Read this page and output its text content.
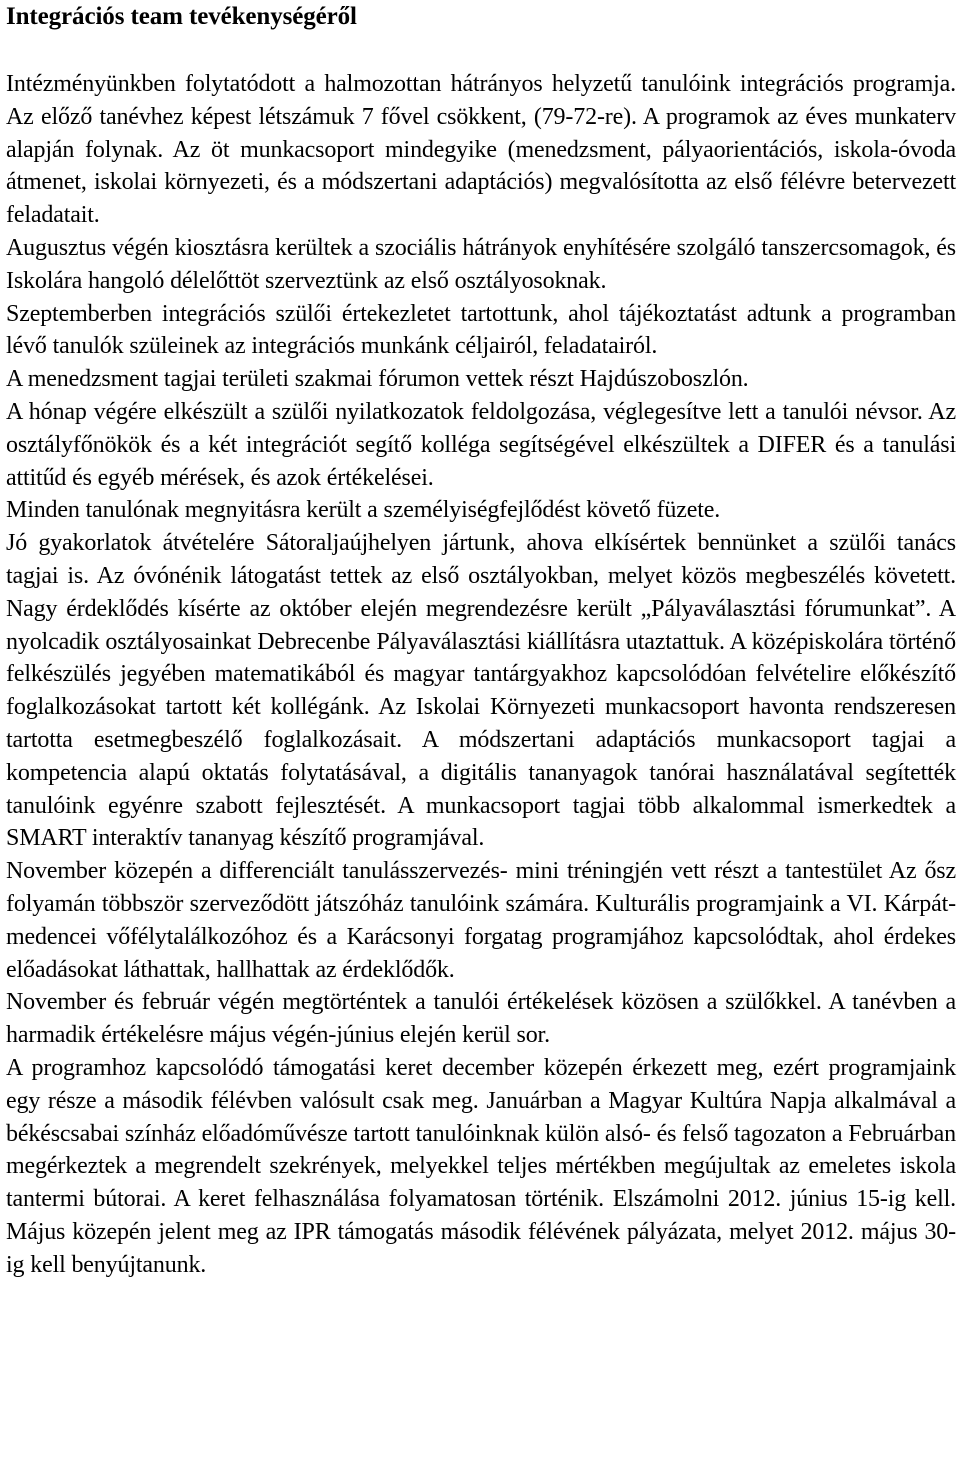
Integrációs team tevékenységéről

Intézményünkben folytatódott a halmozottan hátrányos helyzetű tanulóink integrációs programja. Az előző tanévhez képest létszámuk 7 fővel csökkent, (79-72-re). A programok az éves munkaterv alapján folynak. Az öt munkacsoport mindegyike (menedzsment, pályaorientációs, iskola-óvoda átmenet, iskolai környezeti, és a módszertani adaptációs) megvalósította az első félévre betervezett feladatait.

Augusztus végén kiosztásra kerültek a szociális hátrányok enyhítésére szolgáló tanszercsomagok, és Iskolára hangoló délelőttöt szerveztünk az első osztályosoknak.

Szeptemberben integrációs szülői értekezletet tartottunk, ahol tájékoztatást adtunk a programban lévő tanulók szüleinek az integrációs munkánk céljairól, feladatairól.

A menedzsment tagjai területi szakmai fórumon vettek részt Hajdúszoboszlón.

A hónap végére elkészült a szülői nyilatkozatok feldolgozása, véglegesítve lett a tanulói névsor. Az osztályfőnökök és a két integrációt segítő kolléga segítségével elkészültek a DIFER és a tanulási attitűd és egyéb mérések, és azok értékelései.

Minden tanulónak megnyitásra került a személyiségfejlődést követő füzete.

Jó gyakorlatok átvételére Sátoraljaújhelyen jártunk, ahova elkísértek bennünket a szülői tanács tagjai is. Az óvónénik látogatást tettek az első osztályokban, melyet közös megbeszélés követett. Nagy érdeklődés kísérte az október elején megrendezésre került „Pályaválasztási fórumunkat”. A nyolcadik osztályosainkat Debrecenbe Pályaválasztási kiállításra utaztattuk. A középiskolára történő felkészülés jegyében matematikából és magyar tantárgyakhoz kapcsolódóan felvételire előkészítő foglalkozásokat tartott két kollégánk. Az Iskolai Környezeti munkacsoport havonta rendszeresen tartotta esetmegbeszélő foglalkozásait. A módszertani adaptációs munkacsoport tagjai a kompetencia alapú oktatás folytatásával, a digitális tananyagok tanórai használatával segítették tanulóink egyénre szabott fejlesztését. A munkacsoport tagjai több alkalommal ismerkedtek a SMART interaktív tananyag készítő programjával.

November közepén a differenciált tanulásszervezés- mini tréningjén vett részt a tantestület Az ősz folyamán többször szerveződött játszóház tanulóink számára. Kulturális programjaink a VI. Kárpát-medencei vőfélytalálkozóhoz és a Karácsonyi forgatag programjához kapcsolódtak, ahol érdekes előadásokat láthattak, hallhattak az érdeklődők.

November és február végén megtörténtek a tanulói értékelések közösen a szülőkkel. A tanévben a harmadik értékelésre május végén-június elején kerül sor.

A programhoz kapcsolódó támogatási keret december közepén érkezett meg, ezért programjaink egy része a második félévben valósult csak meg. Januárban a Magyar Kultúra Napja alkalmával a békéscsabai színház előadóművésze tartott tanulóinknak külön alsó- és felső tagozaton a Februárban megérkeztek a megrendelt szekrények, melyekkel teljes mértékben megújultak az emeletes iskola tantermi bútorai. A keret felhasználása folyamatosan történik. Elszámolni 2012. június 15-ig kell. Május közepén jelent meg az IPR támogatás második félévének pályázata, melyet 2012. május 30-ig kell benyújtanunk.
